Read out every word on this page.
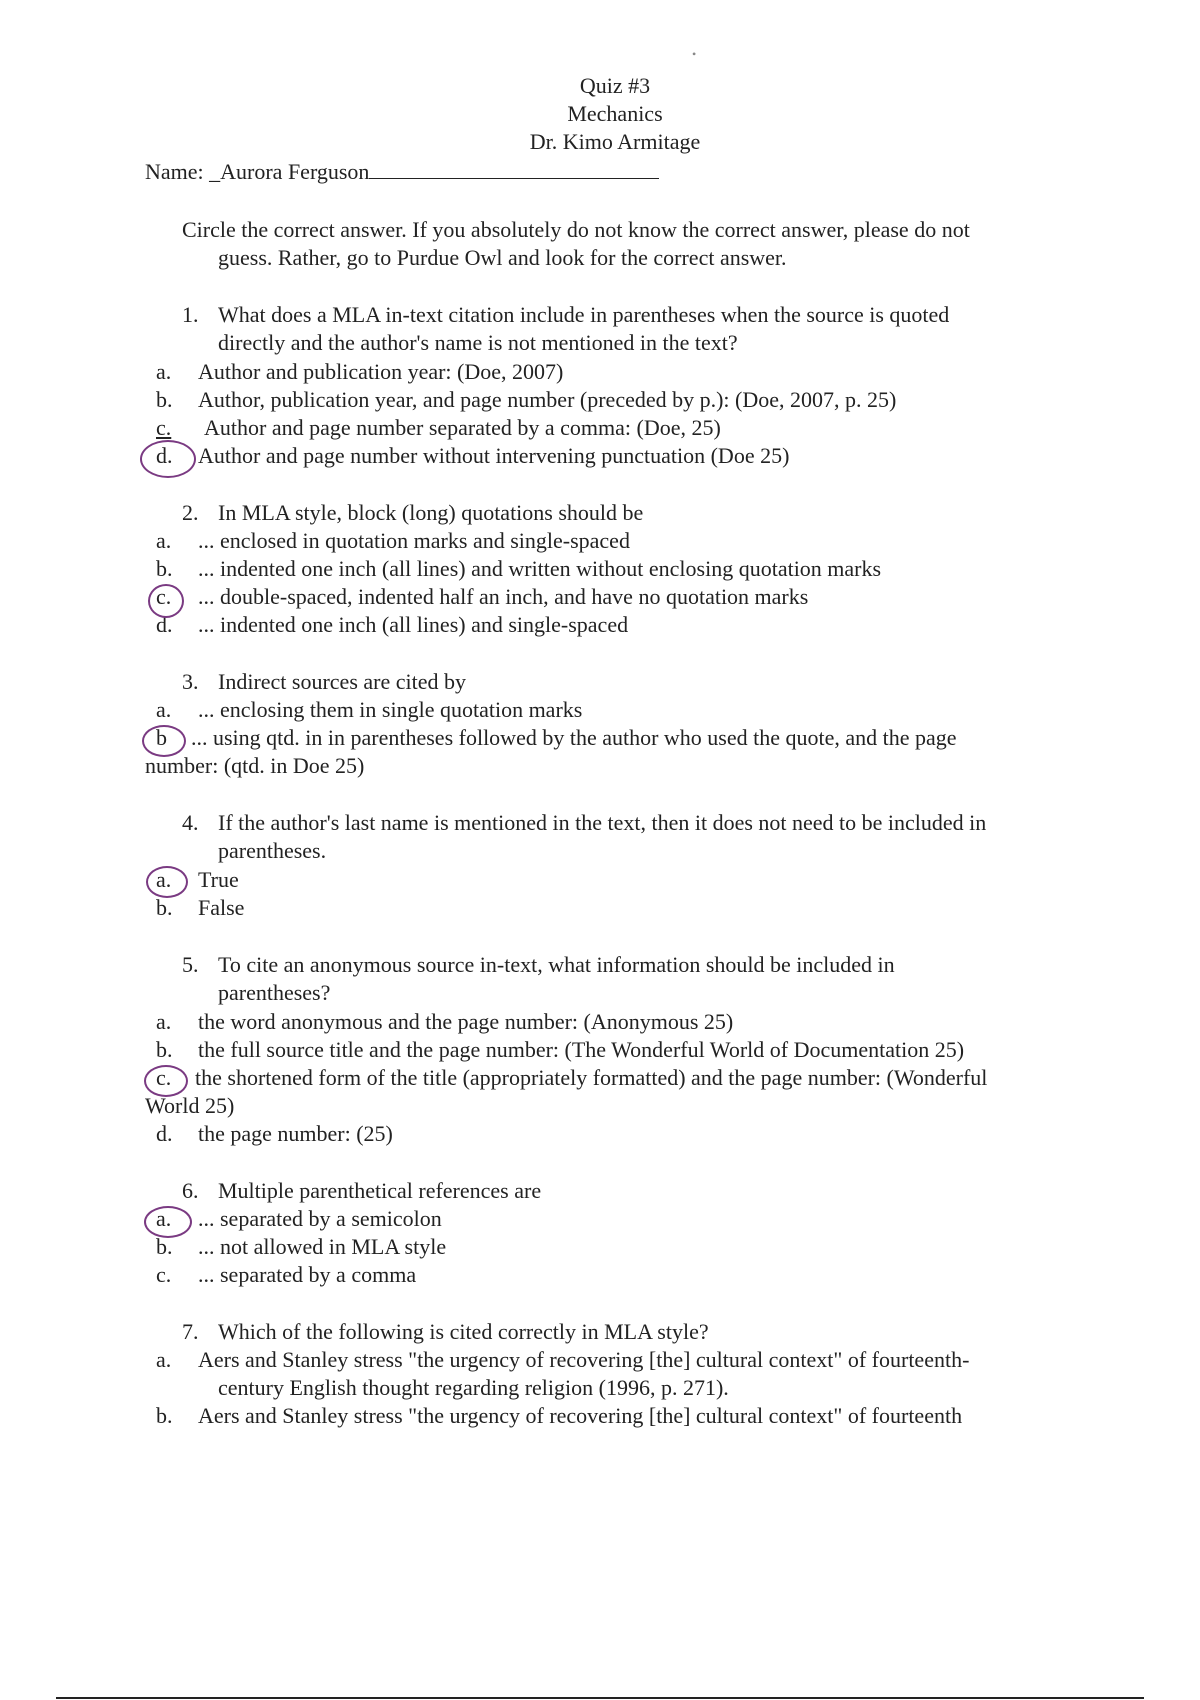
•
Quiz #3
Mechanics
Dr. Kimo Armitage
Name: _Aurora Ferguson
Circle the correct answer. If you absolutely do not know the correct answer, please do not
guess. Rather, go to Purdue Owl and look for the correct answer.
1. What does a MLA in-text citation include in parentheses when the source is quoted
directly and the author's name is not mentioned in the text?
a. Author and publication year: (Doe, 2007)
b. Author, publication year, and page number (preceded by p.): (Doe, 2007, p. 25)
c. Author and page number separated by a comma: (Doe, 25)
d. Author and page number without intervening punctuation (Doe 25)
2. In MLA style, block (long) quotations should be
a. ... enclosed in quotation marks and single-spaced
b. ... indented one inch (all lines) and written without enclosing quotation marks
c. ... double-spaced, indented half an inch, and have no quotation marks
d. ... indented one inch (all lines) and single-spaced
3. Indirect sources are cited by
a. ... enclosing them in single quotation marks
b ... using qtd. in in parentheses followed by the author who used the quote, and the page
number: (qtd. in Doe 25)
4. If the author's last name is mentioned in the text, then it does not need to be included in
parentheses.
a. True
b. False
5. To cite an anonymous source in-text, what information should be included in
parentheses?
a. the word anonymous and the page number: (Anonymous 25)
b. the full source title and the page number: (The Wonderful World of Documentation 25)
c. the shortened form of the title (appropriately formatted) and the page number: (Wonderful
World 25)
d. the page number: (25)
6. Multiple parenthetical references are
a. ... separated by a semicolon
b. ... not allowed in MLA style
c. ... separated by a comma
7. Which of the following is cited correctly in MLA style?
a. Aers and Stanley stress "the urgency of recovering [the] cultural context" of fourteenth-
century English thought regarding religion (1996, p. 271).
b. Aers and Stanley stress "the urgency of recovering [the] cultural context" of fourteenth
